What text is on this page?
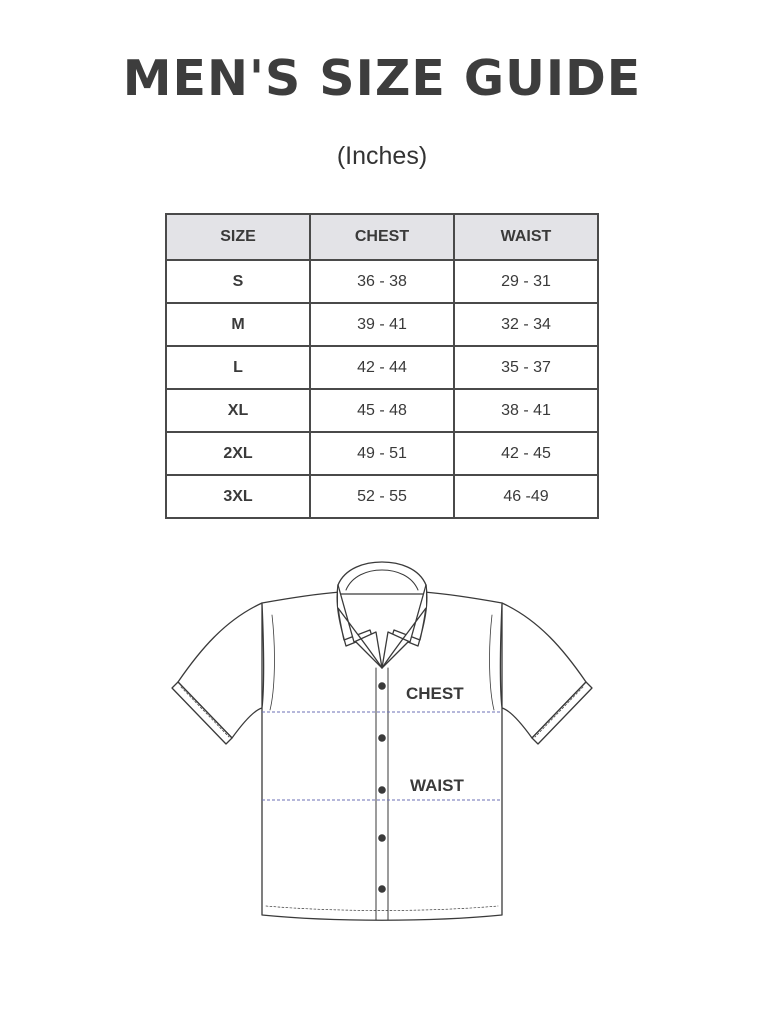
MEN'S SIZE GUIDE
(Inches)
SIZE	CHEST	WAIST
S	36 - 38	29 - 31
M	39 - 41	32 - 34
L	42 - 44	35 - 37
XL	45 - 48	38 - 41
2XL	49 - 51	42 - 45
3XL	52 - 55	46 -49
CHEST
WAIST
